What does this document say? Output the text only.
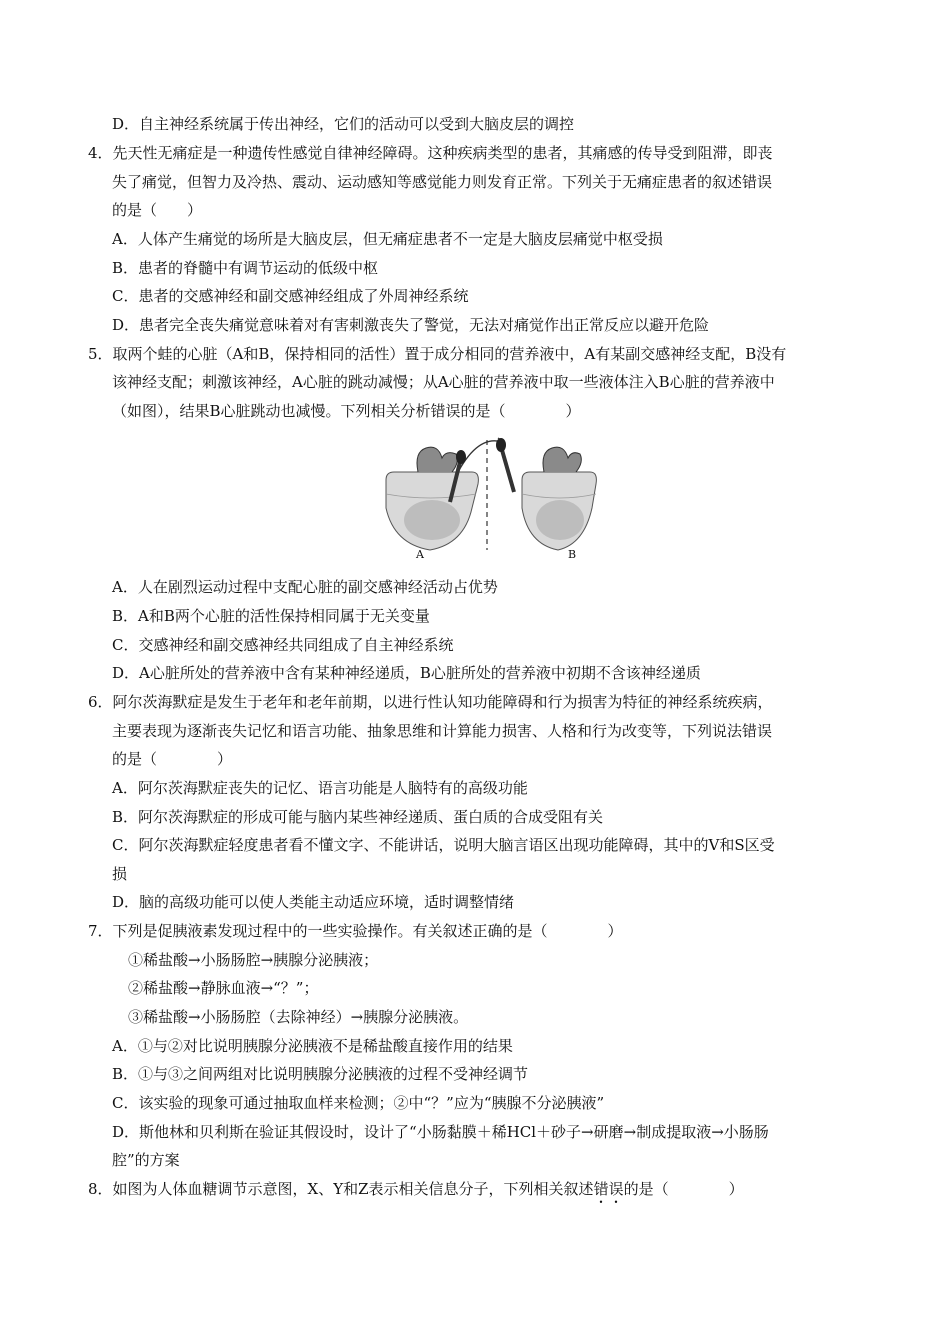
D．自主神经系统属于传出神经，它们的活动可以受到大脑皮层的调控
4．先天性无痛症是一种遗传性感觉自律神经障碍。这种疾病类型的患者，其痛感的传导受到阻滞，即丧
失了痛觉，但智力及冷热、震动、运动感知等感觉能力则发育正常。下列关于无痛症患者的叙述错误
的是（　　）
A．人体产生痛觉的场所是大脑皮层，但无痛症患者不一定是大脑皮层痛觉中枢受损
B．患者的脊髓中有调节运动的低级中枢
C．患者的交感神经和副交感神经组成了外周神经系统
D．患者完全丧失痛觉意味着对有害刺激丧失了警觉，无法对痛觉作出正常反应以避开危险
5．取两个蛙的心脏（A和B，保持相同的活性）置于成分相同的营养液中，A有某副交感神经支配，B没有
该神经支配；刺激该神经，A心脏的跳动减慢；从A心脏的营养液中取一些液体注入B心脏的营养液中
（如图），结果B心脏跳动也减慢。下列相关分析错误的是（　　　　）
A	B
A．人在剧烈运动过程中支配心脏的副交感神经活动占优势
B．A和B两个心脏的活性保持相同属于无关变量
C．交感神经和副交感神经共同组成了自主神经系统
D．A心脏所处的营养液中含有某种神经递质，B心脏所处的营养液中初期不含该神经递质
6．阿尔茨海默症是发生于老年和老年前期，以进行性认知功能障碍和行为损害为特征的神经系统疾病，
主要表现为逐渐丧失记忆和语言功能、抽象思维和计算能力损害、人格和行为改变等，下列说法错误
的是（　　　　）
A．阿尔茨海默症丧失的记忆、语言功能是人脑特有的高级功能
B．阿尔茨海默症的形成可能与脑内某些神经递质、蛋白质的合成受阻有关
C．阿尔茨海默症轻度患者看不懂文字、不能讲话，说明大脑言语区出现功能障碍，其中的V和S区受
损
D．脑的高级功能可以使人类能主动适应环境，适时调整情绪
7．下列是促胰液素发现过程中的一些实验操作。有关叙述正确的是（　　　　）
①稀盐酸→小肠肠腔→胰腺分泌胰液；
②稀盐酸→静脉血液→“？”；
③稀盐酸→小肠肠腔（去除神经）→胰腺分泌胰液。
A．①与②对比说明胰腺分泌胰液不是稀盐酸直接作用的结果
B．①与③之间两组对比说明胰腺分泌胰液的过程不受神经调节
C．该实验的现象可通过抽取血样来检测；②中“？”应为“胰腺不分泌胰液”
D．斯他林和贝利斯在验证其假设时，设计了“小肠黏膜＋稀HCl＋砂子→研磨→制成提取液→小肠肠
腔”的方案
8．如图为人体血糖调节示意图，X、Y和Z表示相关信息分子，下列相关叙述错误的是（　　　　）
